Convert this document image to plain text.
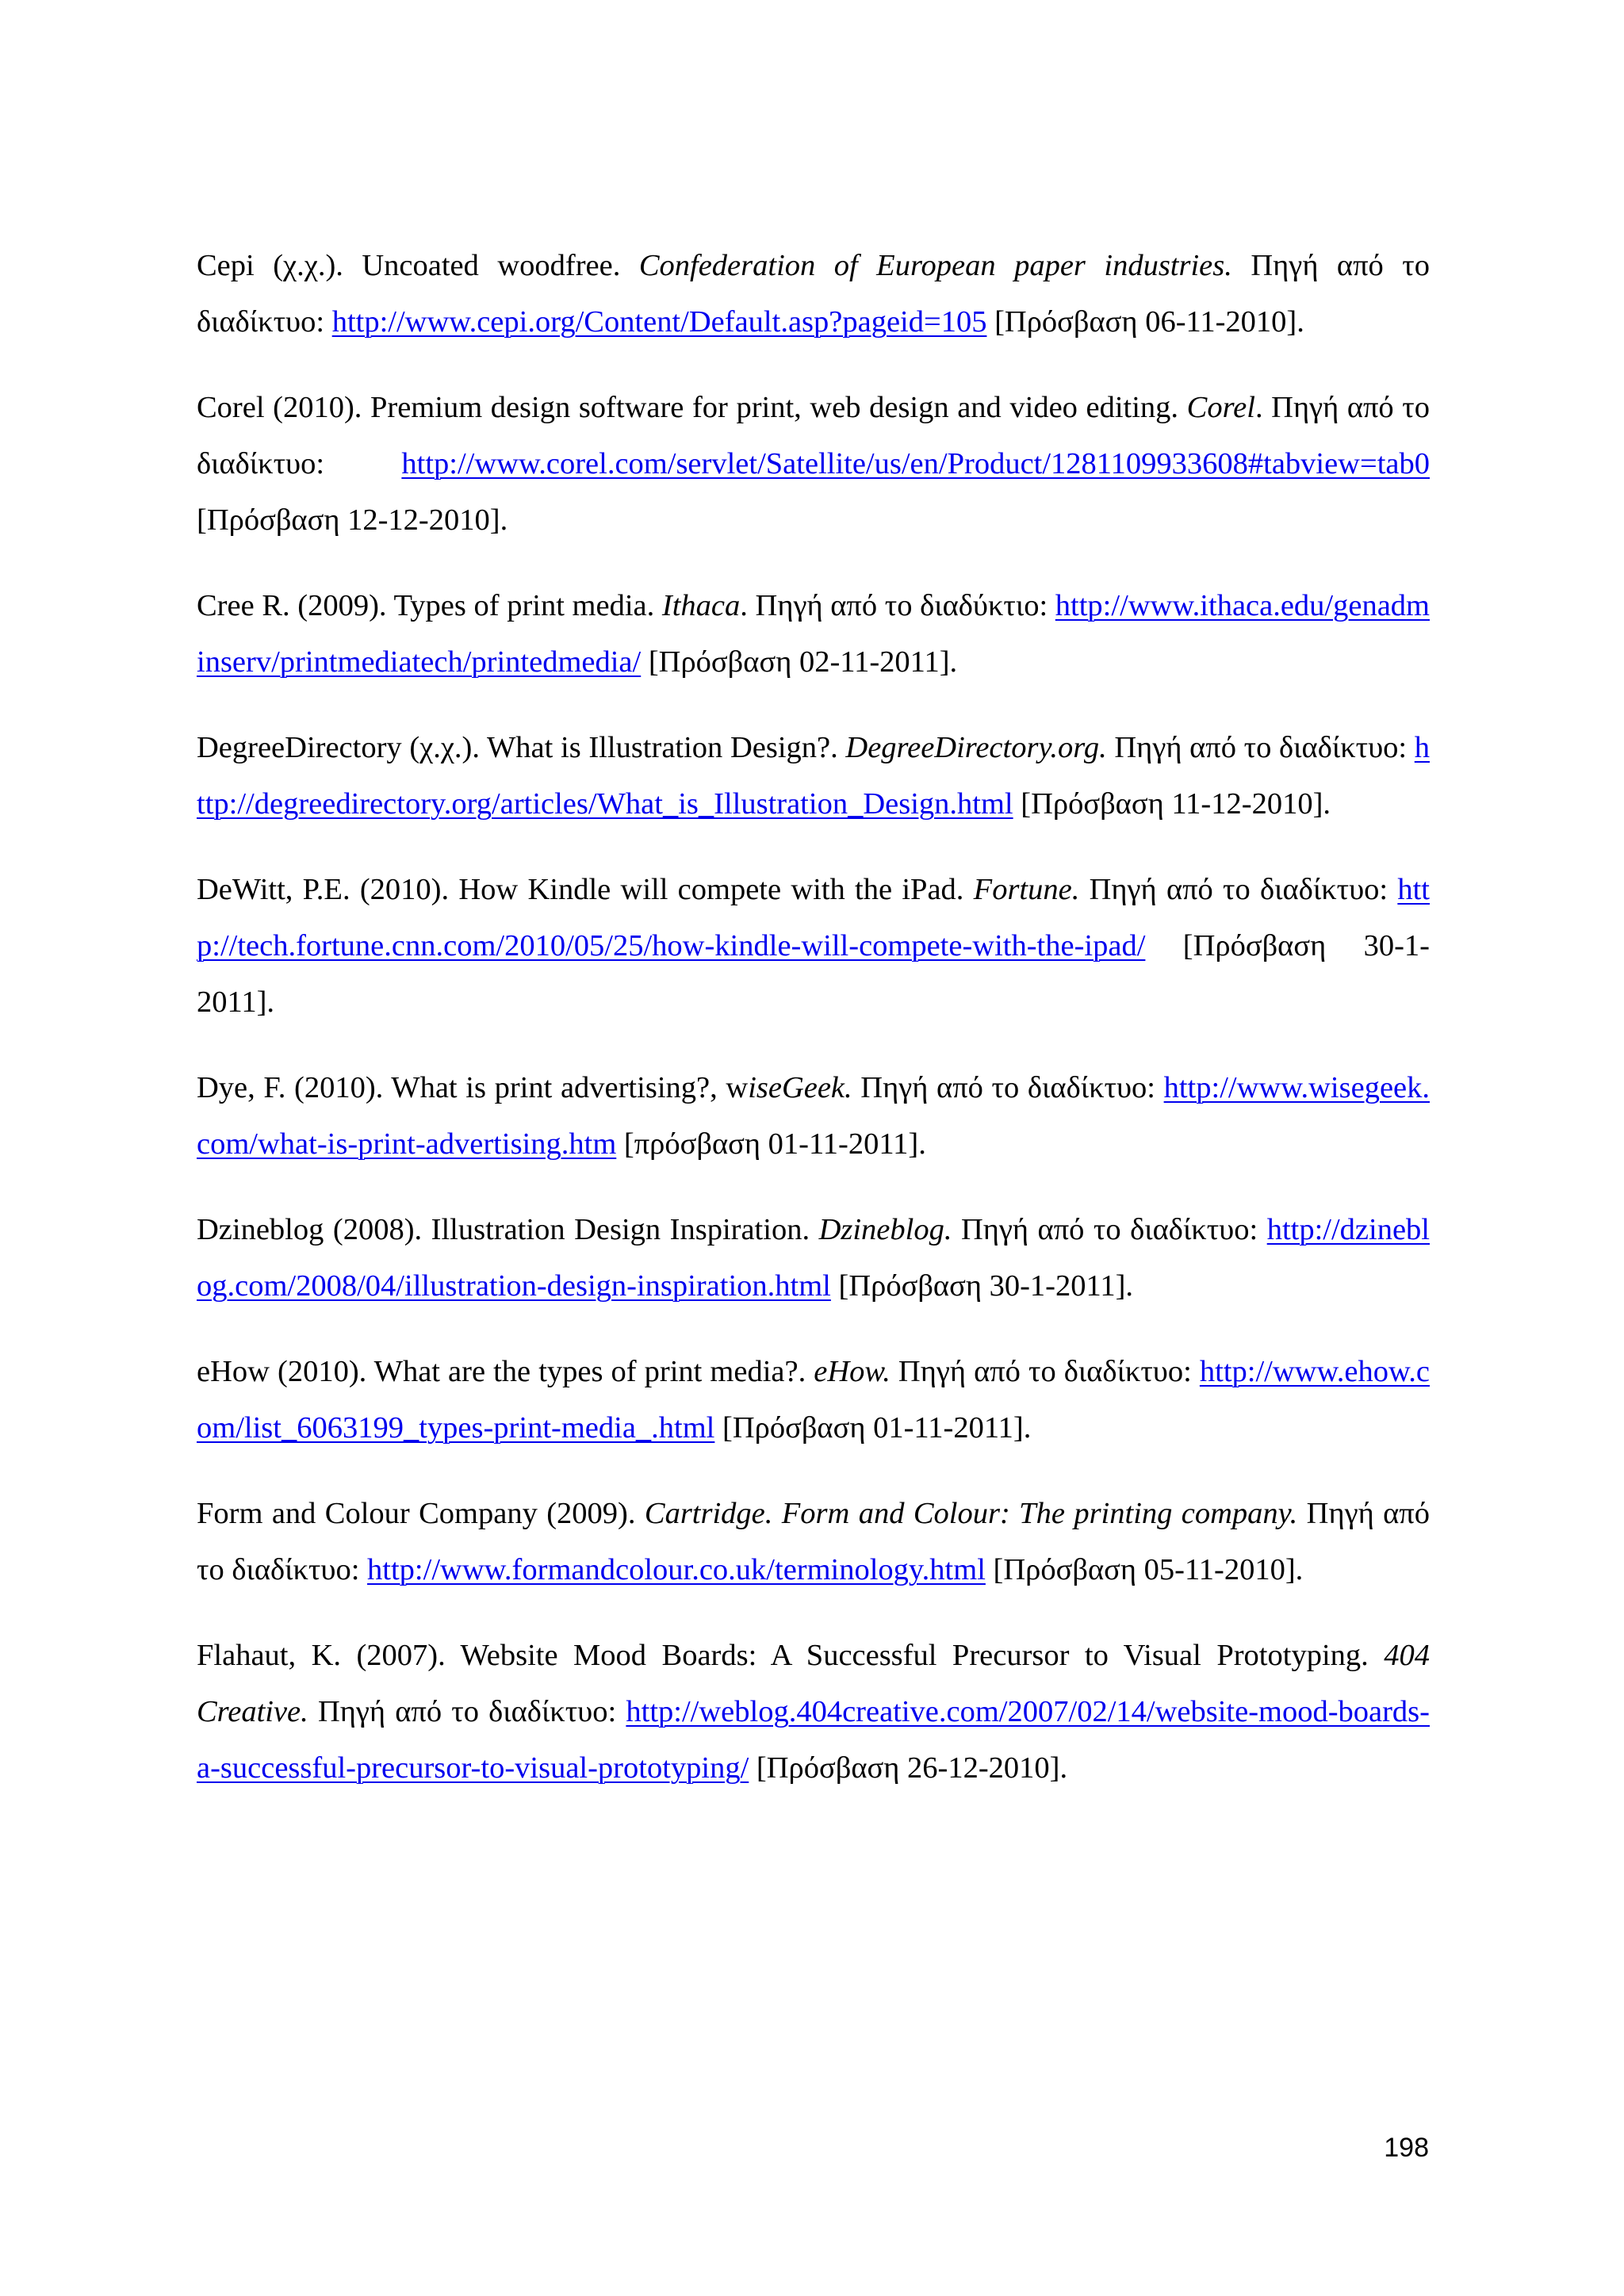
Cepi (χ.χ.). Uncoated woodfree. Confederation of European paper industries. Πηγή από το διαδίκτυο: http://www.cepi.org/Content/Default.asp?pageid=105 [Πρόσβαση 06-11-2010].

Corel (2010). Premium design software for print, web design and video editing. Corel. Πηγή από το διαδίκτυο: http://www.corel.com/servlet/Satellite/us/en/Product/1281109933608#tabview=tab0 [Πρόσβαση 12-12-2010].

Cree R. (2009). Types of print media. Ithaca. Πηγή από το διαδύκτιο: http://www.ithaca.edu/genadminserv/printmediatech/printedmedia/ [Πρόσβαση 02-11-2011].

DegreeDirectory (χ.χ.). What is Illustration Design?. DegreeDirectory.org. Πηγή από το διαδίκτυο: http://degreedirectory.org/articles/What_is_Illustration_Design.html [Πρόσβαση 11-12-2010].

DeWitt, P.E. (2010). How Kindle will compete with the iPad. Fortune. Πηγή από το διαδίκτυο: http://tech.fortune.cnn.com/2010/05/25/how-kindle-will-compete-with-the-ipad/ [Πρόσβαση 30-1-2011].

Dye, F. (2010). What is print advertising?, wiseGeek. Πηγή από το διαδίκτυο: http://www.wisegeek.com/what-is-print-advertising.htm [πρόσβαση 01-11-2011].

Dzineblog (2008). Illustration Design Inspiration. Dzineblog. Πηγή από το διαδίκτυο: http://dzineblog.com/2008/04/illustration-design-inspiration.html [Πρόσβαση 30-1-2011].

eHow (2010). What are the types of print media?. eHow. Πηγή από το διαδίκτυο: http://www.ehow.com/list_6063199_types-print-media_.html [Πρόσβαση 01-11-2011].

Form and Colour Company (2009). Cartridge. Form and Colour: The printing company. Πηγή από το διαδίκτυο: http://www.formandcolour.co.uk/terminology.html [Πρόσβαση 05-11-2010].

Flahaut, K. (2007). Website Mood Boards: A Successful Precursor to Visual Prototyping. 404 Creative. Πηγή από το διαδίκτυο: http://weblog.404creative.com/2007/02/14/website-mood-boards-a-successful-precursor-to-visual-prototyping/ [Πρόσβαση 26-12-2010].

198
